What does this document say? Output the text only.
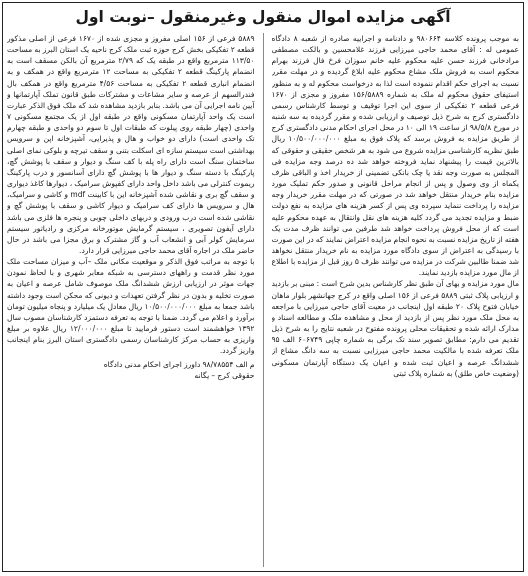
آگهی مزایده اموال منقول وغیرمنقول –نوبت اول

به موجب پرونده کلاسه ۹۸۰۶۶۴ و دادنامه و اجراییه صادره از شعبه ۸ دادگاه عمومی له : آقای محمد حاجی میرزایی فرزند غلامحسین و بالکت مصطفی مرادخانی فرزند حسن علیه محکوم علیه خانم سوزان فرخ فال فرزند بهرام محکوم است به فروش ملک مشاع محکوم علیه ابلاغ گردیده و در مهلت مقرر نسبت به اجرای حکم اقدام ننموده است لذا به درخواست محکوم له و به منظور استیفای حقوق محکوم له ملک به شماره ۱۵۶/۵۸۸۹ مفروز و مجزی از ۱۶۷۰ فرعی قطعه ۲ تفکیکی از سوی این اجرا توقیف و توسط کارشناس رسمی دادگستری کرج به شرح ذیل توصیف و ارزیابی شده و مقرر گردیده به سه شنبه در مورخ ۹۸/۵/۸ از ساعت ۱۹ الی ۱۰ در محل اجرای احکام مدنی دادگستری کرج از طریق مزایده به فروش برسد که پلاک فوق به مبلغ ۱۰/۵۰۰/۰۰۰/۰۰۰ ریال طبق نظریه کارشناسی مزایده شروع می شود به هر شخص حقیقی و حقوقی که بالاترین قیمت را پیشنهاد نماید فروخته خواهد شد ده درصد وجه مزایده فی المجلس به صورت وجه نقد یا چک بانکی تضمینی از خریدار اخذ و الباقی ظرف یکماه از وی وصول و پس از انجام مراحل قانونی و صدور حکم تملیک مورد مزایده بنام خریدار منتقل خواهد شد در صورتی که در مهلت مقرر خریدار وجه مزایده را پرداخت ننماید سپرده وی پس از کسر هزینه های مزایده به نفع دولت ضبط و مزایده تجدید می گردد کلیه هزینه های نقل وانتقال به عهده محکوم علیه است که از محل فروش پرداخت خواهد شد طرفین می توانند ظرف مدت یک هفته از تاریخ مزایده نسبت به نحوه انجام مزایده اعتراض نمایند که در این صورت با رسیدگی به اعتراض از سوی دادگاه مورد مزایده به نام خریدار منتقل نخواهد شد ضمنا طالبین شرکت در مزایده می توانند ظرف ۵ روز قبل از مزایده با اطلاع از مال مورد مزایده بازدید نمایند.

مال مورد مزایده و بهای آن طبق نظر کارشناس بدین شرح است : مبنی بر بازدید و ارزیابی پلاک ثبتی ۵۸۸۹ فرعی از ۱۵۶ اصلی واقع در کرج جهانشهر بلوار ماهان خیابان فتوح پلاک ۲۰ طبقه اول اینجانب در معیت آقای حاجی میرزایی با مراجعه به محل ملک مورد نظر پس از بازدید از محل و مشاهده ملک و مطالعه اسناد و مدارک ارائه شده و تحقیقات محلی پرونده مفتوح در شعبه نتایج را به شرح ذیل تقدیم می دارم: مطابق تصویر سند تک برگی به شماره چاپی ۶۰۶۷۴۹ الف ۹۵ ملک تعرفه شده با مالکیت محمد حاجی میرزایی نسبت به سه دانگ مشاع از ششدانگ عرصه و اعیان ثبت شده و اعیان یک دستگاه آپارتمان مسکونی (وضعیت خاص طلق) به شماره پلاک ثبتی

۵۸۸۹ فرعی از ۱۵۶ اصلی مفروز و مجزی شده از ۱۶۷۰ فرعی از اصلی مذکور قطعه ۲ تفکیکی بخش کرج حوزه ثبت ملک کرج ناحیه یک استان البرز به مساحت ۱۱۳/۵۰ مترمربع واقع در طبقه یک که ۲/۷۹ مترمربع آن بالکن مسقف است به انضمام پارکینگ قطعه ۲ تفکیکی به مساحت ۱۲ مترمربع واقع در همکف و به انضمام انباری قطعه ۲ تفکیکی به مساحت ۴/۵۶ مترمربع واقع در همکف بال فندرالسهم از عرصه و سایر مشاعات و مشترکات طبق قانون تملک آپارتمانها و آیین نامه اجرایی آن می باشد. بنابر بازدید مشاهده شد که ملک فوق الذکر عبارت است یک واحد آپارتمان مسکونی واقع در طبقه اول از یک مجتمع مسکونی ۷ واحدی (چهار طبقه روی پیلوت که طبقات اول تا سوم دو واحدی و طبقه چهارم تک واحدی است) دارای دو خواب و هال و پذیرایی، آشپزخانه اپن و سرویس بهداشتی است سیستم سازه ای اسکلت بتنی و سقف تیرچه و بلوکی نمای اصلی ساختمان سنگ است دارای راه پله با کف سنگ و دیوار و سقف با پوشش گچ، پارکینگ با دسته سنگ و دیوار ها با پوشش گچ دارای آسانسور و درب پارکینگ ریموت کنترلی می باشد داخل واحد دارای کفپوش سرامیک ، دیوارها کاغذ دیواری و سقف گچ بری و نقاشی شده آشپزخانه این با کابینت mdf و کاشی و سرامیک، هال و سرویس ها دارای کف سرامیک و دیوار کاشی و سقف با پوشش گچ و نقاشی شده است درب ورودی و دربهای داخلی چوبی و پنجره ها فلزی می باشد دارای آیفون تصویری ، سیستم گرمایش موتورخانه مرکزی و رادیاتور سیستم سرمایش کولر آبی و انشعاب آب و گاز مشترک و برق مجزا می باشد در حال حاضر ملک در اجاره آقای محمد حاجی میرزایی قرار دارد.

با توجه به مراتب فوق الذکر و موقعیت مکانی ملک –آب و میزان مساحت ملک مورد نظر قدمت و راههای دسترسی به شبکه معابر شهری و با لحاظ نمودن جهات موثر در ارزیابی ارزش ششدانگ ملک موصوف شامل عرصه و اعیان به صورت تخلیه و بدون در نظر گرفتن تعهدات و دیونی که محکن است وجود داشته باشد جمعا به مبلغ ۱۰/۵۰۰/۰۰۰/۰۰۰ ریال معادل یک میلیارد و پنجاه میلیون تومان برآورد و اعلام می گردد. ضمنا با توجه به تعرفه دستمزد کارشناسان مصوب سال ۱۳۹۲ خواهشمند است دستور فرمایید تا مبلغ ۱۲/۰۰۰/۰۰۰ ریال علاوه بر مبلغ واریزی به حساب مرکز کارشناسان رسمی دادگستری استان البرز بنام اینجانب واریز گردد.

م الف ۹۸/۷۸۵۵۴ داورز اجرای احکام مدنی دادگاه
حقوقی کرج – یگانه
